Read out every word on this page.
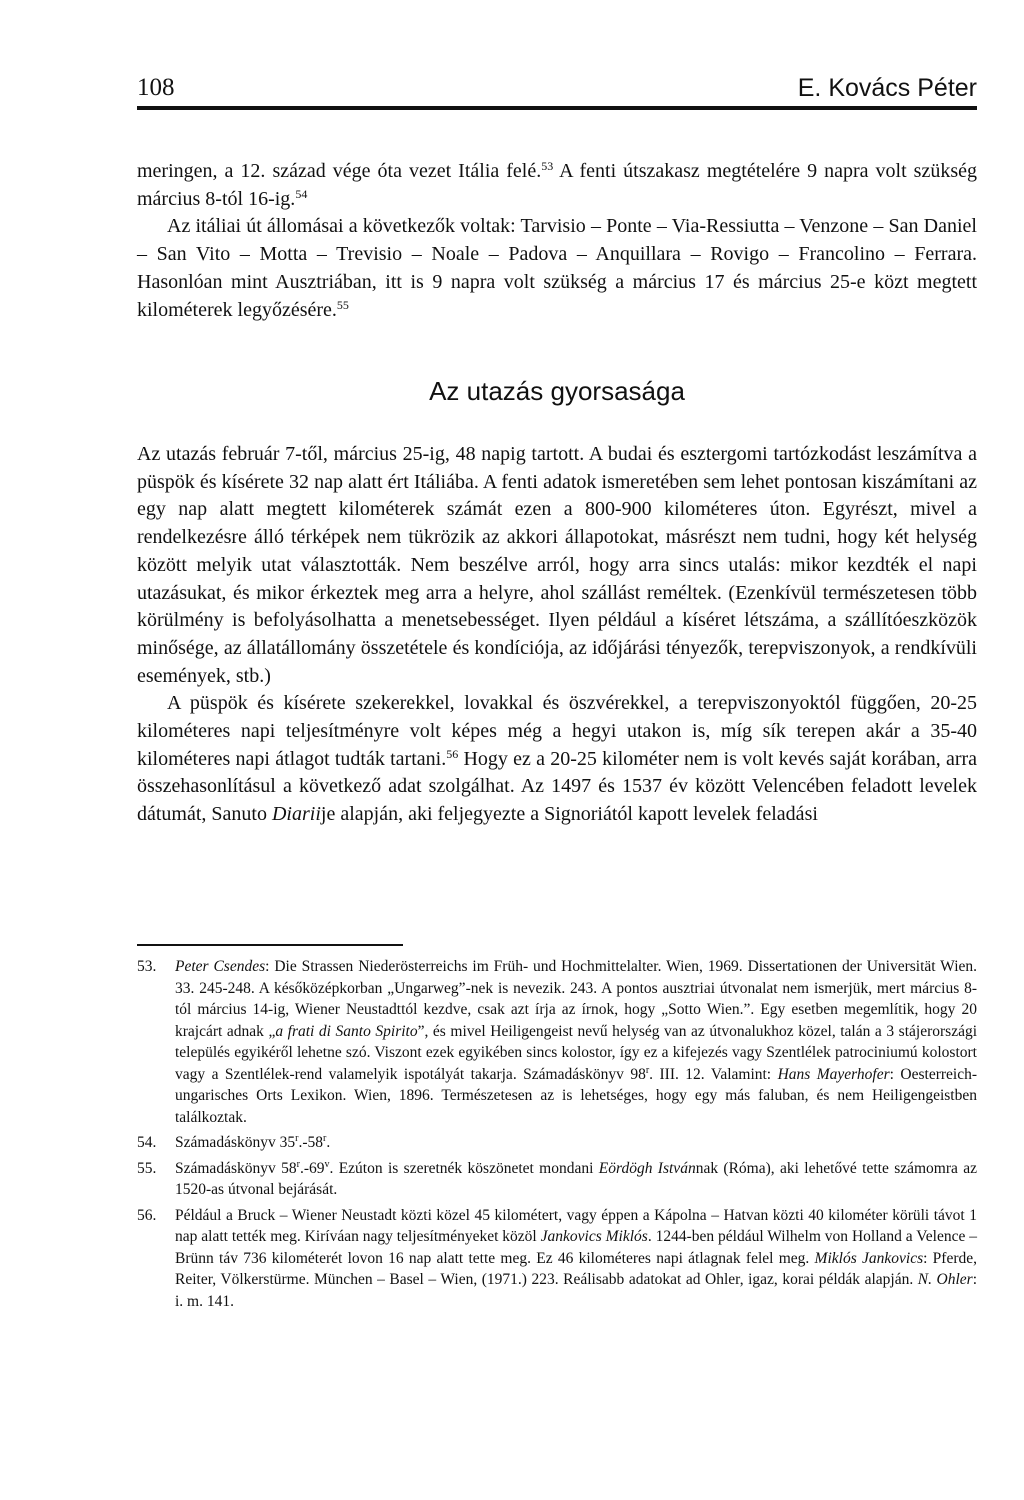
108	E. Kovács Péter

meringen, a 12. század vége óta vezet Itália felé.$^{53}$ A fenti útszakasz megtételére 9 napra volt szükség március 8-tól 16-ig.$^{54}$

Az itáliai út állomásai a következők voltak: Tarvisio – Ponte – Via-Ressiutta – Venzone – San Daniel – San Vito – Motta – Trevisio – Noale – Padova – Anquillara – Rovigo – Francolino – Ferrara. Hasonlóan mint Ausztriában, itt is 9 napra volt szükség a március 17 és március 25-e közt megtett kilométerek legyőzésére.$^{55}$

Az utazás gyorsasága

Az utazás február 7-től, március 25-ig, 48 napig tartott. A budai és esztergomi tartózkodást leszámítva a püspök és kísérete 32 nap alatt ért Itáliába. A fenti adatok ismeretében sem lehet pontosan kiszámítani az egy nap alatt megtett kilométerek számát ezen a 800-900 kilométeres úton. Egyrészt, mivel a rendelkezésre álló térképek nem tükrözik az akkori állapotokat, másrészt nem tudni, hogy két helység között melyik utat választották. Nem beszélve arról, hogy arra sincs utalás: mikor kezdték el napi utazásukat, és mikor érkeztek meg arra a helyre, ahol szállást reméltek. (Ezenkívül természetesen több körülmény is befolyásolhatta a menetsebességet. Ilyen például a kíséret létszáma, a szállítóeszközök minősége, az állatállomány összetétele és kondíciója, az időjárási tényezők, terepviszonyok, a rendkívüli események, stb.)

A püspök és kísérete szekerekkel, lovakkal és öszvérekkel, a terepviszonyoktól függően, 20-25 kilométeres napi teljesítményre volt képes még a hegyi utakon is, míg sík terepen akár a 35-40 kilométeres napi átlagot tudták tartani.$^{56}$ Hogy ez a 20-25 kilométer nem is volt kevés saját korában, arra összehasonlításul a következő adat szolgálhat. Az 1497 és 1537 év között Velencében feladott levelek dátumát, Sanuto Diariije alapján, aki feljegyezte a Signoriától kapott levelek feladási

53. Peter Csendes: Die Strassen Niederösterreichs im Früh- und Hochmittelalter. Wien, 1969. Dissertationen der Universität Wien. 33. 245-248. A későközépkorban „Ungarweg”-nek is nevezik. 243. A pontos ausztriai útvonalat nem ismerjük, mert március 8-tól március 14-ig, Wiener Neustadttól kezdve, csak azt írja az írnok, hogy „Sotto Wien.”. Egy esetben megemlítik, hogy 20 krajcárt adnak „a frati di Santo Spirito”, és mivel Heiligengeist nevű helység van az útvonalukhoz közel, talán a 3 stájerországi település egyikéről lehetne szó. Viszont ezek egyikében sincs kolostor, így ez a kifejezés vagy Szentlélek patrociniumú kolostort vagy a Szentlélek-rend valamelyik ispotályát takarja. Számadáskönyv 98$^r$. III. 12. Valamint: Hans Mayerhofer: Oesterreich-ungarisches Orts Lexikon. Wien, 1896. Természetesen az is lehetséges, hogy egy más faluban, és nem Heiligengeistben találkoztak.
54. Számadáskönyv 35$^r$.-58$^r$.
55. Számadáskönyv 58$^r$.-69$^v$. Ezúton is szeretnék köszönetet mondani Eördögh Istvánnak (Róma), aki lehetővé tette számomra az 1520-as útvonal bejárását.
56. Például a Bruck – Wiener Neustadt közti közel 45 kilométert, vagy éppen a Kápolna – Hatvan közti 40 kilométer körüli távot 1 nap alatt tették meg. Kiríváan nagy teljesítményeket közöl Jankovics Miklós. 1244-ben például Wilhelm von Holland a Velence – Brünn táv 736 kilométerét lovon 16 nap alatt tette meg. Ez 46 kilométeres napi átlagnak felel meg. Miklós Jankovics: Pferde, Reiter, Völkerstürme. München – Basel – Wien, (1971.) 223. Reálisabb adatokat ad Ohler, igaz, korai példák alapján. N. Ohler: i. m. 141.
